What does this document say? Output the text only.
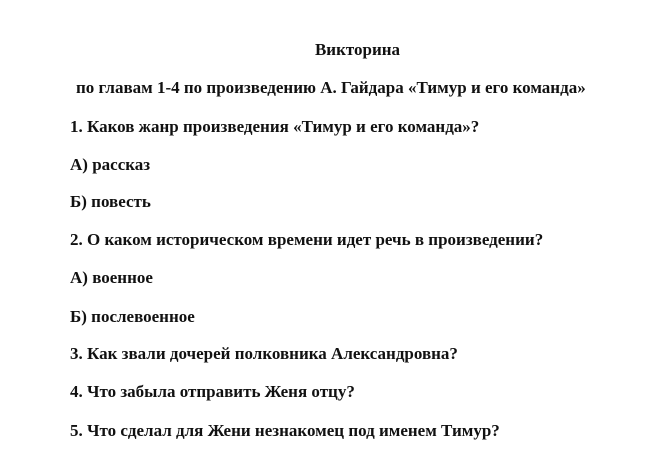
Викторина
по главам 1-4 по произведению А. Гайдара «Тимур и его команда»
1. Каков жанр произведения «Тимур и его команда»?
А) рассказ
Б) повесть
2. О каком историческом времени идет речь в произведении?
А) военное
Б) послевоенное
3. Как звали дочерей полковника Александровна?
4. Что забыла отправить Женя отцу?
5. Что сделал для Жени незнакомец под именем Тимур?
